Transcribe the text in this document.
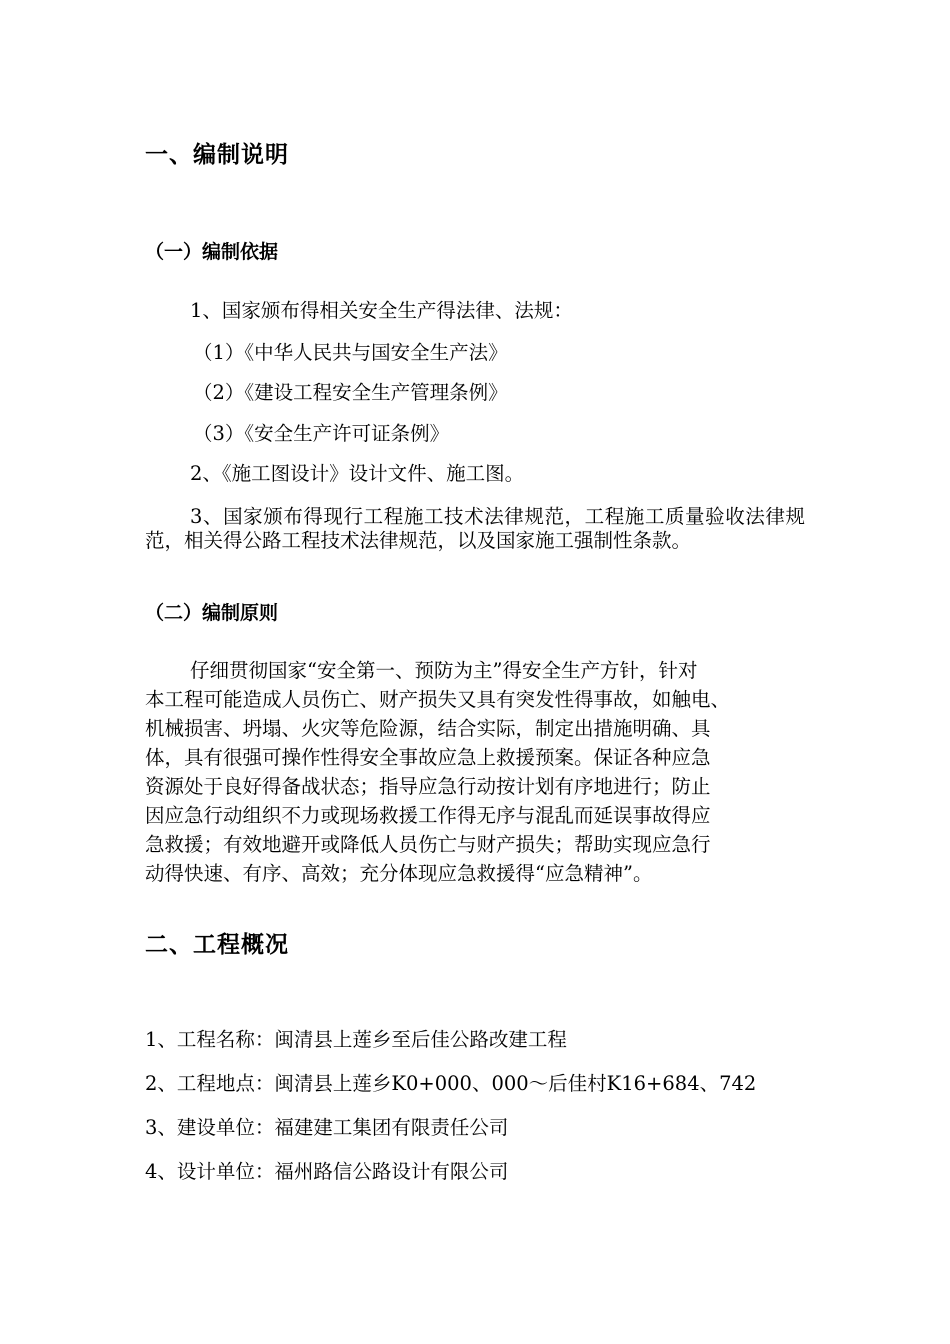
一、编制说明
（一）编制依据

1、国家颁布得相关安全生产得法律、法规：

（1）《中华人民共与国安全生产法》

（2）《建设工程安全生产管理条例》

（3）《安全生产许可证条例》

2、《施工图设计》设计文件、施工图。

3、国家颁布得现行工程施工技术法律规范，工程施工质量验收法律规范，相关得公路工程技术法律规范，以及国家施工强制性条款。

（二）编制原则

仔细贯彻国家“安全第一、预防为主”得安全生产方针，针对

本工程可能造成人员伤亡、财产损失又具有突发性得事故，如触电、

机械损害、坍塌、火灾等危险源，结合实际，制定出措施明确、具

体，具有很强可操作性得安全事故应急上救援预案。保证各种应急

资源处于良好得备战状态；指导应急行动按计划有序地进行；防止

因应急行动组织不力或现场救援工作得无序与混乱而延误事故得应

急救援；有效地避开或降低人员伤亡与财产损失；帮助实现应急行

动得快速、有序、高效；充分体现应急救援得“应急精神”。

二、工程概况

1、工程名称：闽清县上莲乡至后佳公路改建工程

2、工程地点：闽清县上莲乡K0+000、000～后佳村K16+684、742

3、建设单位：福建建工集团有限责任公司

4、设计单位：福州路信公路设计有限公司
